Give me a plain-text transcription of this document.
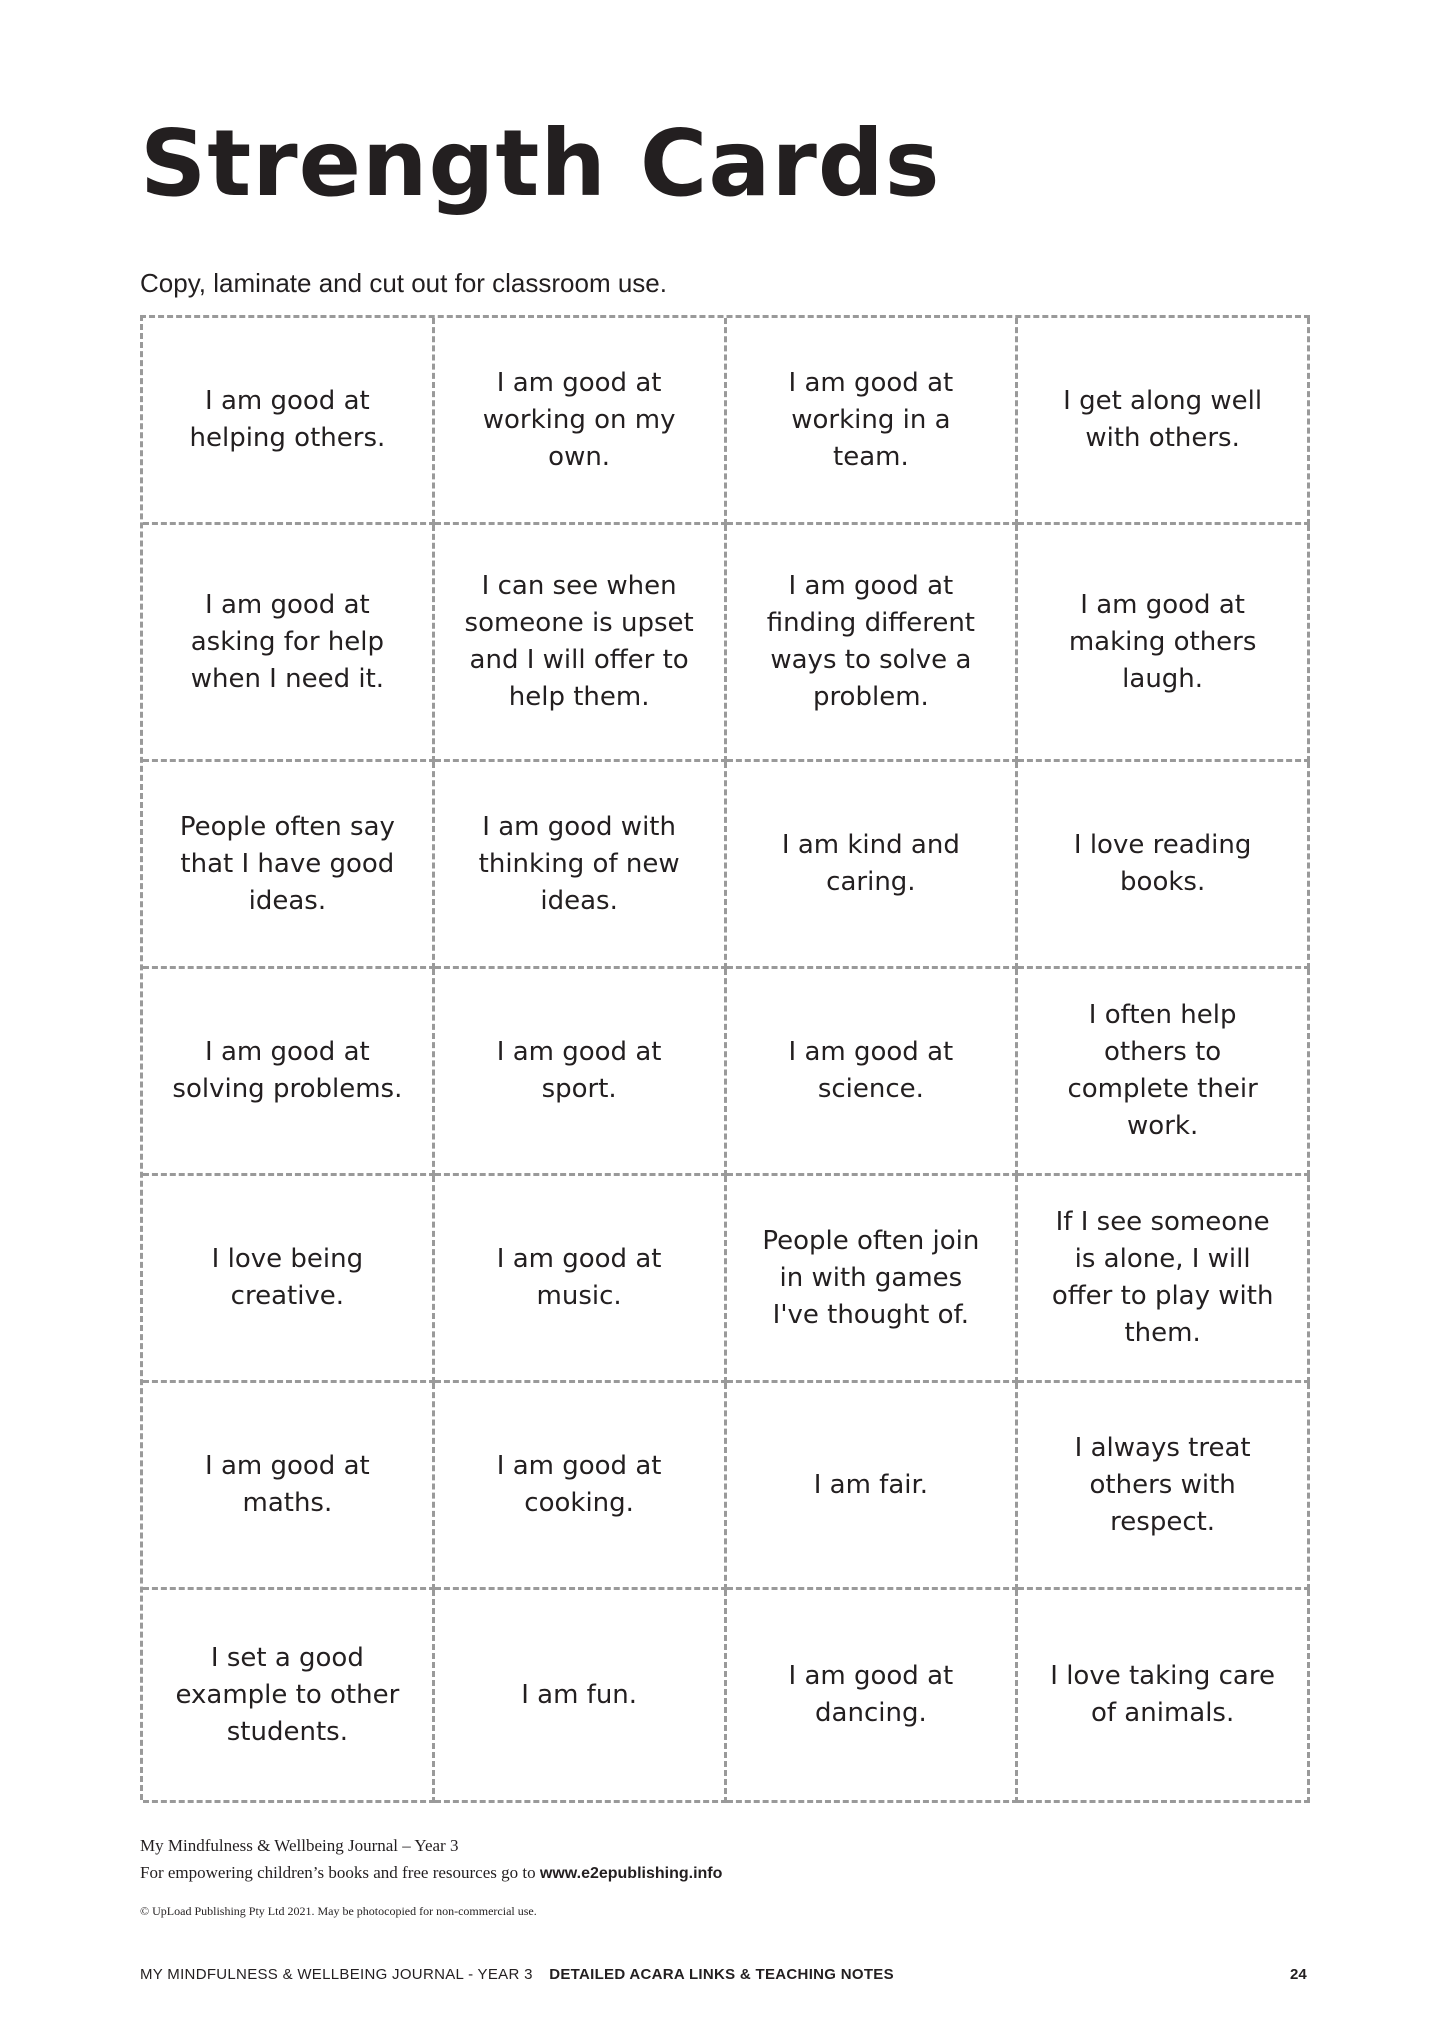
Strength Cards
Copy, laminate and cut out for classroom use.
I am good at helping others.
I am good at working on my own.
I am good at working in a team.
I get along well with others.
I am good at asking for help when I need it.
I can see when someone is upset and I will offer to help them.
I am good at finding different ways to solve a problem.
I am good at making others laugh.
People often say that I have good ideas.
I am good with thinking of new ideas.
I am kind and caring.
I love reading books.
I am good at solving problems.
I am good at sport.
I am good at science.
I often help others to complete their work.
I love being creative.
I am good at music.
People often join in with games I've thought of.
If I see someone is alone, I will offer to play with them.
I am good at maths.
I am good at cooking.
I am fair.
I always treat others with respect.
I set a good example to other students.
I am fun.
I am good at dancing.
I love taking care of animals.
My Mindfulness & Wellbeing Journal – Year 3
For empowering children’s books and free resources go to www.e2epublishing.info
© UpLoad Publishing Pty Ltd 2021. May be photocopied for non-commercial use.
MY MINDFULNESS & WELLBEING JOURNAL - YEAR 3 DETAILED ACARA LINKS & TEACHING NOTES	24
